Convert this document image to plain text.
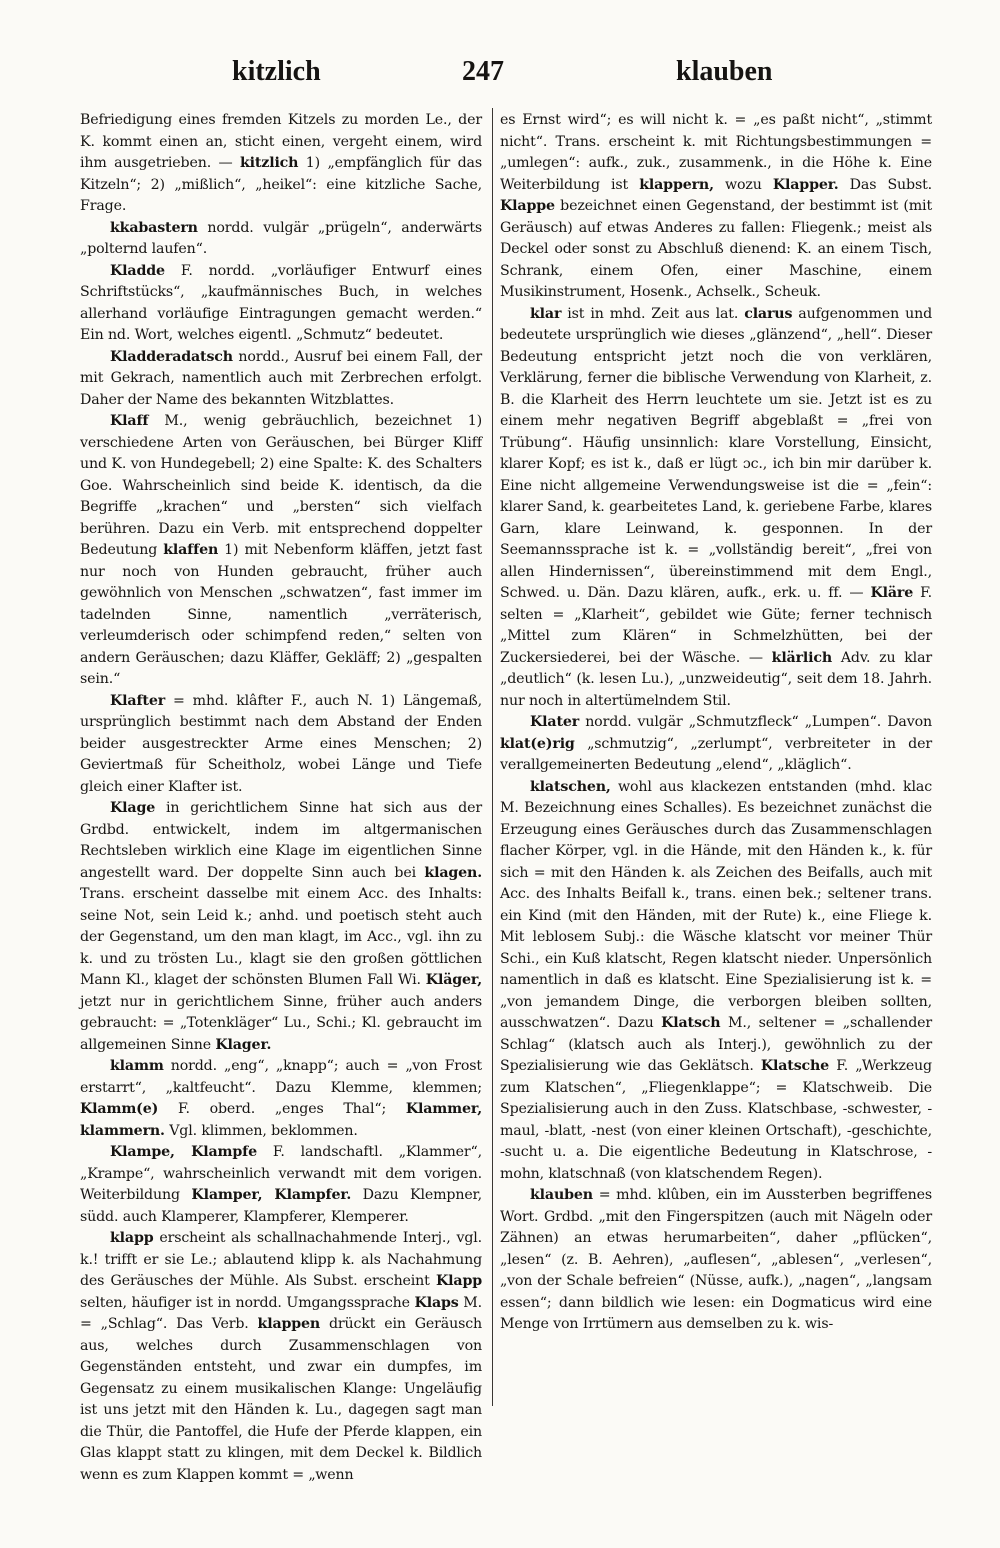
kitzlich	247	klauben

Befriedigung eines fremden Kitzels zu morden Le., der K. kommt einen an, sticht einen, vergeht einem, wird ihm ausgetrieben. — kitzlich 1) „empfänglich für das Kitzeln“; 2) „mißlich“, „heikel“: eine kitzliche Sache, Frage.

kkabastern nordd. vulgär „prügeln“, anderwärts „polternd laufen“.

Kladde F. nordd. „vorläufiger Entwurf eines Schriftstücks“, „kaufmännisches Buch, in welches allerhand vorläufige Eintragungen gemacht werden.“ Ein nd. Wort, welches eigentl. „Schmutz“ bedeutet.

Kladderadatsch nordd., Ausruf bei einem Fall, der mit Gekrach, namentlich auch mit Zerbrechen erfolgt. Daher der Name des bekannten Witzblattes.

Klaff M., wenig gebräuchlich, bezeichnet 1) verschiedene Arten von Geräuschen, bei Bürger Kliff und K. von Hundegebell; 2) eine Spalte: K. des Schalters Goe. Wahrscheinlich sind beide K. identisch, da die Begriffe „krachen“ und „bersten“ sich vielfach berühren. Dazu ein Verb. mit entsprechend doppelter Bedeutung klaffen 1) mit Nebenform kläffen, jetzt fast nur noch von Hunden gebraucht, früher auch gewöhnlich von Menschen „schwatzen“, fast immer im tadelnden Sinne, namentlich „verräterisch, verleumderisch oder schimpfend reden,“ selten von andern Geräuschen; dazu Kläffer, Gekläff; 2) „gespalten sein.“

Klafter = mhd. klâfter F., auch N. 1) Längemaß, ursprünglich bestimmt nach dem Abstand der Enden beider ausgestreckter Arme eines Menschen; 2) Geviertmaß für Scheitholz, wobei Länge und Tiefe gleich einer Klafter ist.

Klage in gerichtlichem Sinne hat sich aus der Grdbd. entwickelt, indem im altgermanischen Rechtsleben wirklich eine Klage im eigentlichen Sinne angestellt ward. Der doppelte Sinn auch bei klagen. Trans. erscheint dasselbe mit einem Acc. des Inhalts: seine Not, sein Leid k.; anhd. und poetisch steht auch der Gegenstand, um den man klagt, im Acc., vgl. ihn zu k. und zu trösten Lu., klagt sie den großen göttlichen Mann Kl., klaget der schönsten Blumen Fall Wi. Kläger, jetzt nur in gerichtlichem Sinne, früher auch anders gebraucht: = „Totenkläger“ Lu., Schi.; Kl. gebraucht im allgemeinen Sinne Klager.

klamm nordd. „eng“, „knapp“; auch = „von Frost erstarrt“, „kaltfeucht“. Dazu Klemme, klemmen; Klamm(e) F. oberd. „enges Thal“; Klammer, klammern. Vgl. klimmen, beklommen.

Klampe, Klampfe F. landschaftl. „Klammer“, „Krampe“, wahrscheinlich verwandt mit dem vorigen. Weiterbildung Klamper, Klampfer. Dazu Klempner, südd. auch Klamperer, Klampferer, Klemperer.

klapp erscheint als schallnachahmende Interj., vgl. k.! trifft er sie Le.; ablautend klipp k. als Nachahmung des Geräusches der Mühle. Als Subst. erscheint Klapp selten, häufiger ist in nordd. Umgangssprache Klaps M. = „Schlag“. Das Verb. klappen drückt ein Geräusch aus, welches durch Zusammenschlagen von Gegenständen entsteht, und zwar ein dumpfes, im Gegensatz zu einem musikalischen Klange: Ungeläufig ist uns jetzt mit den Händen k. Lu., dagegen sagt man die Thür, die Pantoffel, die Hufe der Pferde klappen, ein Glas klappt statt zu klingen, mit dem Deckel k. Bildlich wenn es zum Klappen kommt = „wenn

es Ernst wird“; es will nicht k. = „es paßt nicht“, „stimmt nicht“. Trans. erscheint k. mit Richtungsbestimmungen = „umlegen“: aufk., zuk., zusammenk., in die Höhe k. Eine Weiterbildung ist klappern, wozu Klapper. Das Subst. Klappe bezeichnet einen Gegenstand, der bestimmt ist (mit Geräusch) auf etwas Anderes zu fallen: Fliegenk.; meist als Deckel oder sonst zu Abschluß dienend: K. an einem Tisch, Schrank, einem Ofen, einer Maschine, einem Musikinstrument, Hosenk., Achselk., Scheuk.

klar ist in mhd. Zeit aus lat. clarus aufgenommen und bedeutete ursprünglich wie dieses „glänzend“, „hell“. Dieser Bedeutung entspricht jetzt noch die von verklären, Verklärung, ferner die biblische Verwendung von Klarheit, z. B. die Klarheit des Herrn leuchtete um sie. Jetzt ist es zu einem mehr negativen Begriff abgeblaßt = „frei von Trübung“. Häufig unsinnlich: klare Vorstellung, Einsicht, klarer Kopf; es ist k., daß er lügt ɔc., ich bin mir darüber k. Eine nicht allgemeine Verwendungsweise ist die = „fein“: klarer Sand, k. gearbeitetes Land, k. geriebene Farbe, klares Garn, klare Leinwand, k. gesponnen. In der Seemannssprache ist k. = „vollständig bereit“, „frei von allen Hindernissen“, übereinstimmend mit dem Engl., Schwed. u. Dän. Dazu klären, aufk., erk. u. ff. — Kläre F. selten = „Klarheit“, gebildet wie Güte; ferner technisch „Mittel zum Klären“ in Schmelzhütten, bei der Zuckersiederei, bei der Wäsche. — klärlich Adv. zu klar „deutlich“ (k. lesen Lu.), „unzweideutig“, seit dem 18. Jahrh. nur noch in altertümelndem Stil.

Klater nordd. vulgär „Schmutzfleck“ „Lumpen“. Davon klat(e)rig „schmutzig“, „zerlumpt“, verbreiteter in der verallgemeinerten Bedeutung „elend“, „kläglich“.

klatschen, wohl aus klackezen entstanden (mhd. klac M. Bezeichnung eines Schalles). Es bezeichnet zunächst die Erzeugung eines Geräusches durch das Zusammenschlagen flacher Körper, vgl. in die Hände, mit den Händen k., k. für sich = mit den Händen k. als Zeichen des Beifalls, auch mit Acc. des Inhalts Beifall k., trans. einen bek.; seltener trans. ein Kind (mit den Händen, mit der Rute) k., eine Fliege k. Mit leblosem Subj.: die Wäsche klatscht vor meiner Thür Schi., ein Kuß klatscht, Regen klatscht nieder. Unpersönlich namentlich in daß es klatscht. Eine Spezialisierung ist k. = „von jemandem Dinge, die verborgen bleiben sollten, ausschwatzen“. Dazu Klatsch M., seltener = „schallender Schlag“ (klatsch auch als Interj.), gewöhnlich zu der Spezialisierung wie das Geklätsch. Klatsche F. „Werkzeug zum Klatschen“, „Fliegenklappe“; = Klatschweib. Die Spezialisierung auch in den Zuss. Klatschbase, -schwester, -maul, -blatt, -nest (von einer kleinen Ortschaft), -geschichte, -sucht u. a. Die eigentliche Bedeutung in Klatschrose, -mohn, klatschnaß (von klatschendem Regen).

klauben = mhd. klûben, ein im Aussterben begriffenes Wort. Grdbd. „mit den Fingerspitzen (auch mit Nägeln oder Zähnen) an etwas herumarbeiten“, daher „pflücken“, „lesen“ (z. B. Aehren), „auflesen“, „ablesen“, „verlesen“, „von der Schale befreien“ (Nüsse, aufk.), „nagen“, „langsam essen“; dann bildlich wie lesen: ein Dogmaticus wird eine Menge von Irrtümern aus demselben zu k. wis-
